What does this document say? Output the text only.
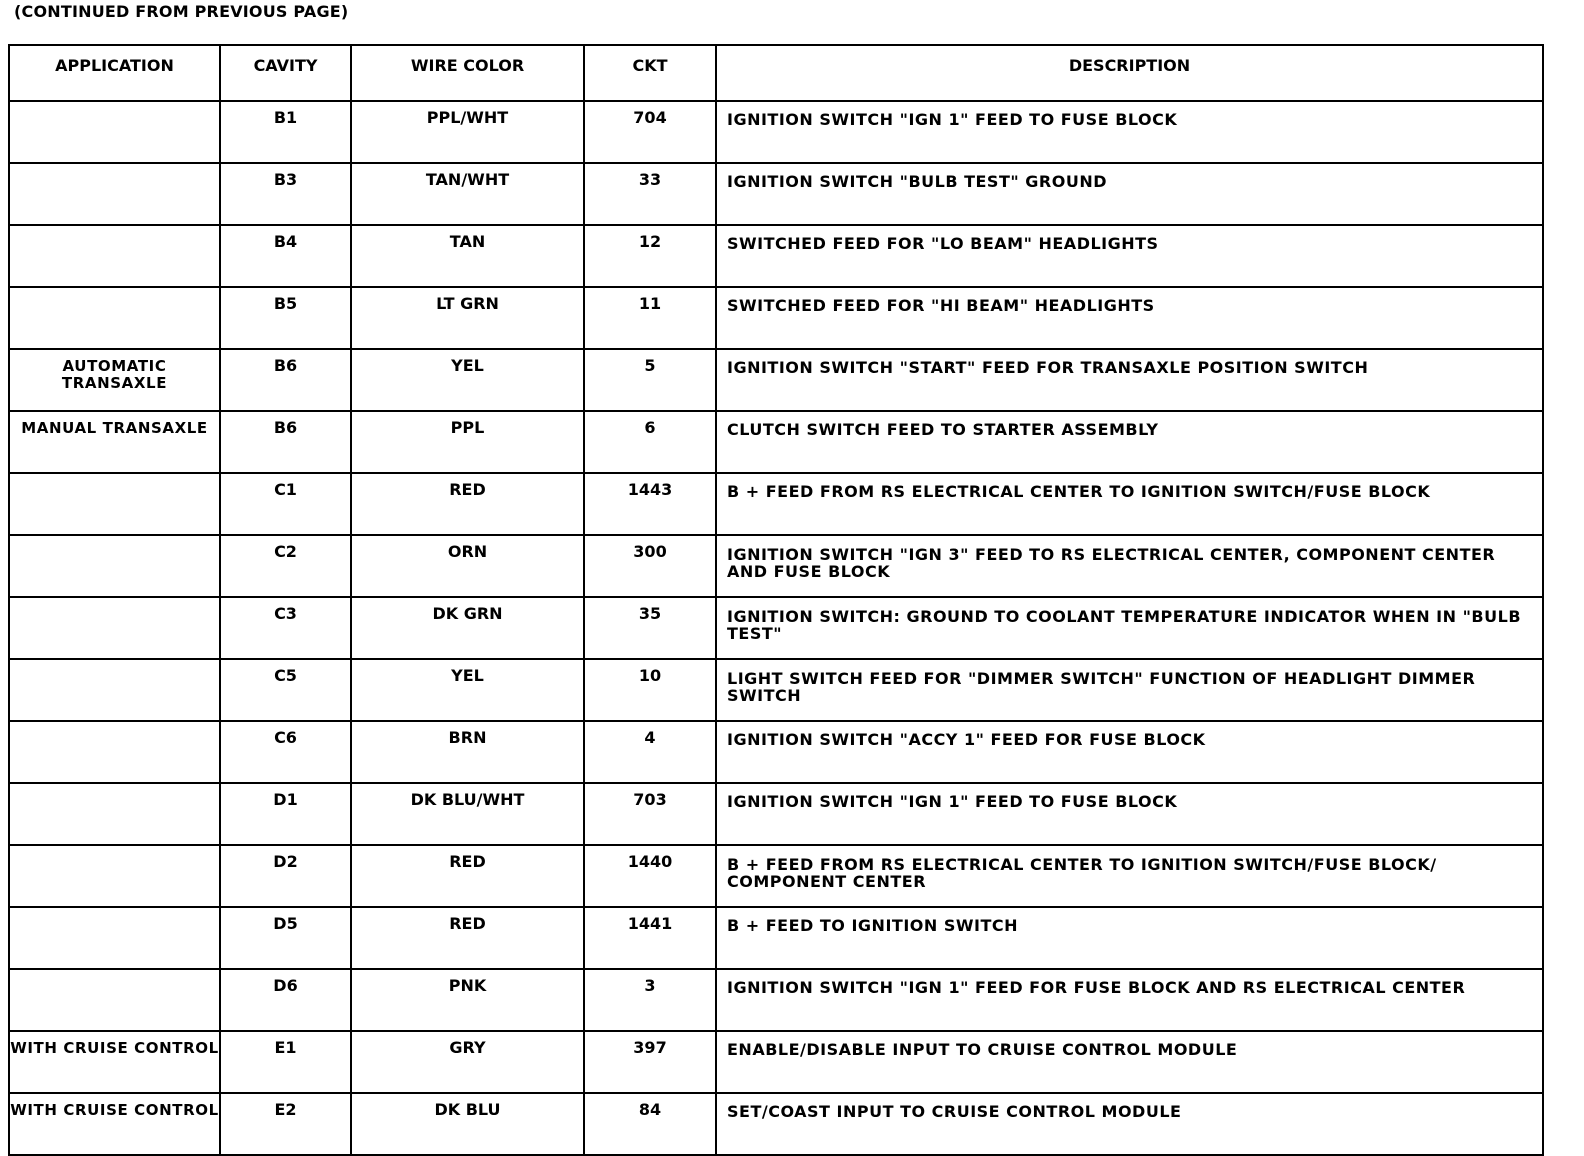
(CONTINUED FROM PREVIOUS PAGE)
APPLICATION	CAVITY	WIRE COLOR	CKT	DESCRIPTION
	B1	PPL/WHT	704	IGNITION SWITCH "IGN 1" FEED TO FUSE BLOCK
	B3	TAN/WHT	33	IGNITION SWITCH "BULB TEST" GROUND
	B4	TAN	12	SWITCHED FEED FOR "LO BEAM" HEADLIGHTS
	B5	LT GRN	11	SWITCHED FEED FOR "HI BEAM" HEADLIGHTS
AUTOMATIC TRANSAXLE	B6	YEL	5	IGNITION SWITCH "START" FEED FOR TRANSAXLE POSITION SWITCH
MANUAL TRANSAXLE	B6	PPL	6	CLUTCH SWITCH FEED TO STARTER ASSEMBLY
	C1	RED	1443	B + FEED FROM RS ELECTRICAL CENTER TO IGNITION SWITCH/FUSE BLOCK
	C2	ORN	300	IGNITION SWITCH "IGN 3" FEED TO RS ELECTRICAL CENTER, COMPONENT CENTER AND FUSE BLOCK
	C3	DK GRN	35	IGNITION SWITCH: GROUND TO COOLANT TEMPERATURE INDICATOR WHEN IN "BULB TEST"
	C5	YEL	10	LIGHT SWITCH FEED FOR "DIMMER SWITCH" FUNCTION OF HEADLIGHT DIMMER SWITCH
	C6	BRN	4	IGNITION SWITCH "ACCY 1" FEED FOR FUSE BLOCK
	D1	DK BLU/WHT	703	IGNITION SWITCH "IGN 1" FEED TO FUSE BLOCK
	D2	RED	1440	B + FEED FROM RS ELECTRICAL CENTER TO IGNITION SWITCH/FUSE BLOCK/ COMPONENT CENTER
	D5	RED	1441	B + FEED TO IGNITION SWITCH
	D6	PNK	3	IGNITION SWITCH "IGN 1" FEED FOR FUSE BLOCK AND RS ELECTRICAL CENTER
WITH CRUISE CONTROL	E1	GRY	397	ENABLE/DISABLE INPUT TO CRUISE CONTROL MODULE
WITH CRUISE CONTROL	E2	DK BLU	84	SET/COAST INPUT TO CRUISE CONTROL MODULE
